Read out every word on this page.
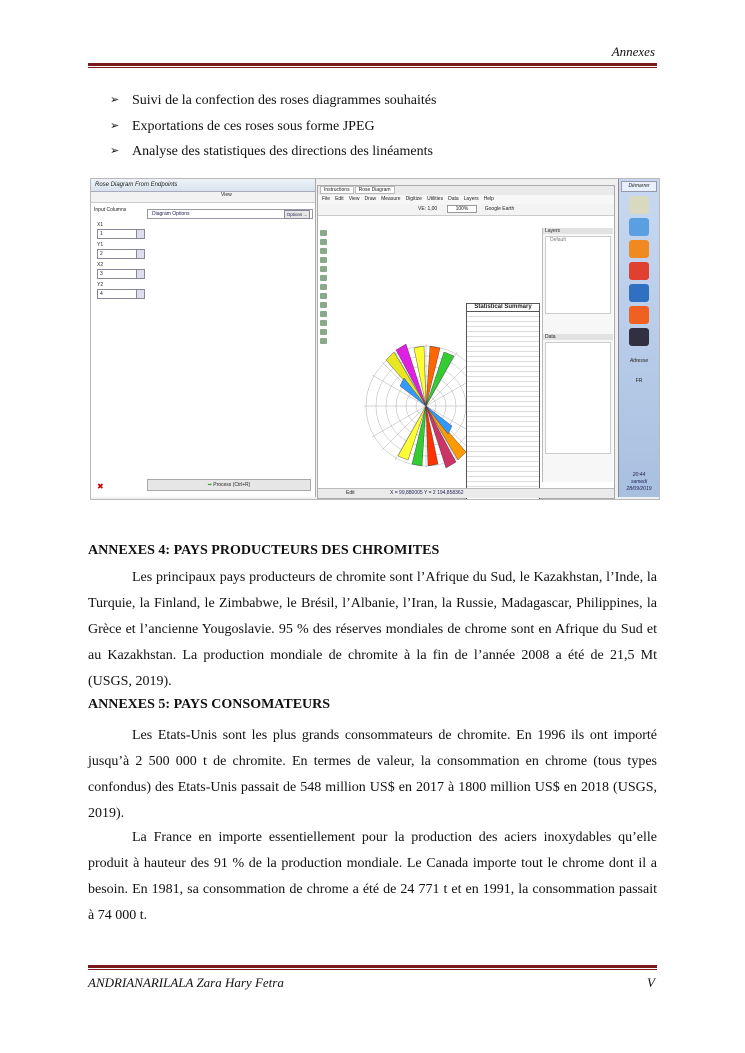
Annexes
➢ Suivi de la confection des roses diagrammes souhaités
➢ Exportations de ces roses sous forme JPEG
➢ Analyse des statistiques des directions des linéaments
Rose Diagram From Endpoints
View
Input Columns
X1
1
Y1
2
X2
3
Y2
4
Diagram Options	Options ...
✖	➡ Process (Ctrl+R)
Instructions Rose Diagram
File Edit View Draw Measure Digitize Utilities Data Layers Help
VE: 1,00	100%	Google Earth
Statistical Summary
Layers
Default
Data
Edit	X = 99,880005 Y = 2 194,858362
Démarrer
Adresse
FR
20:44
samedi
28/09/2019
ANNEXES 4: PAYS PRODUCTEURS DES CHROMITES

Les principaux pays producteurs de chromite sont l’Afrique du Sud, le Kazakhstan, l’Inde, la Turquie, la Finland, le Zimbabwe, le Brésil, l’Albanie, l’Iran, la Russie, Madagascar, Philippines, la Grèce et l’ancienne Yougoslavie. 95 % des réserves mondiales de chrome sont en Afrique du Sud et au Kazakhstan. La production mondiale de chromite à la fin de l’année 2008 a été de 21,5 Mt (USGS, 2019).

ANNEXES 5: PAYS CONSOMATEURS

Les Etats-Unis sont les plus grands consommateurs de chromite. En 1996 ils ont importé jusqu’à 2 500 000 t de chromite. En termes de valeur, la consommation en chrome (tous types confondus) des Etats-Unis passait de 548 million US$ en 2017 à 1800 million US$ en 2018 (USGS, 2019).

La France en importe essentiellement pour la production des aciers inoxydables qu’elle produit à hauteur des 91 % de la production mondiale. Le Canada importe tout le chrome dont il a besoin. En 1981, sa consommation de chrome a été de 24 771 t et en 1991, la consommation passait à 74 000 t.

ANDRIANARILALA Zara Hary Fetra	V
